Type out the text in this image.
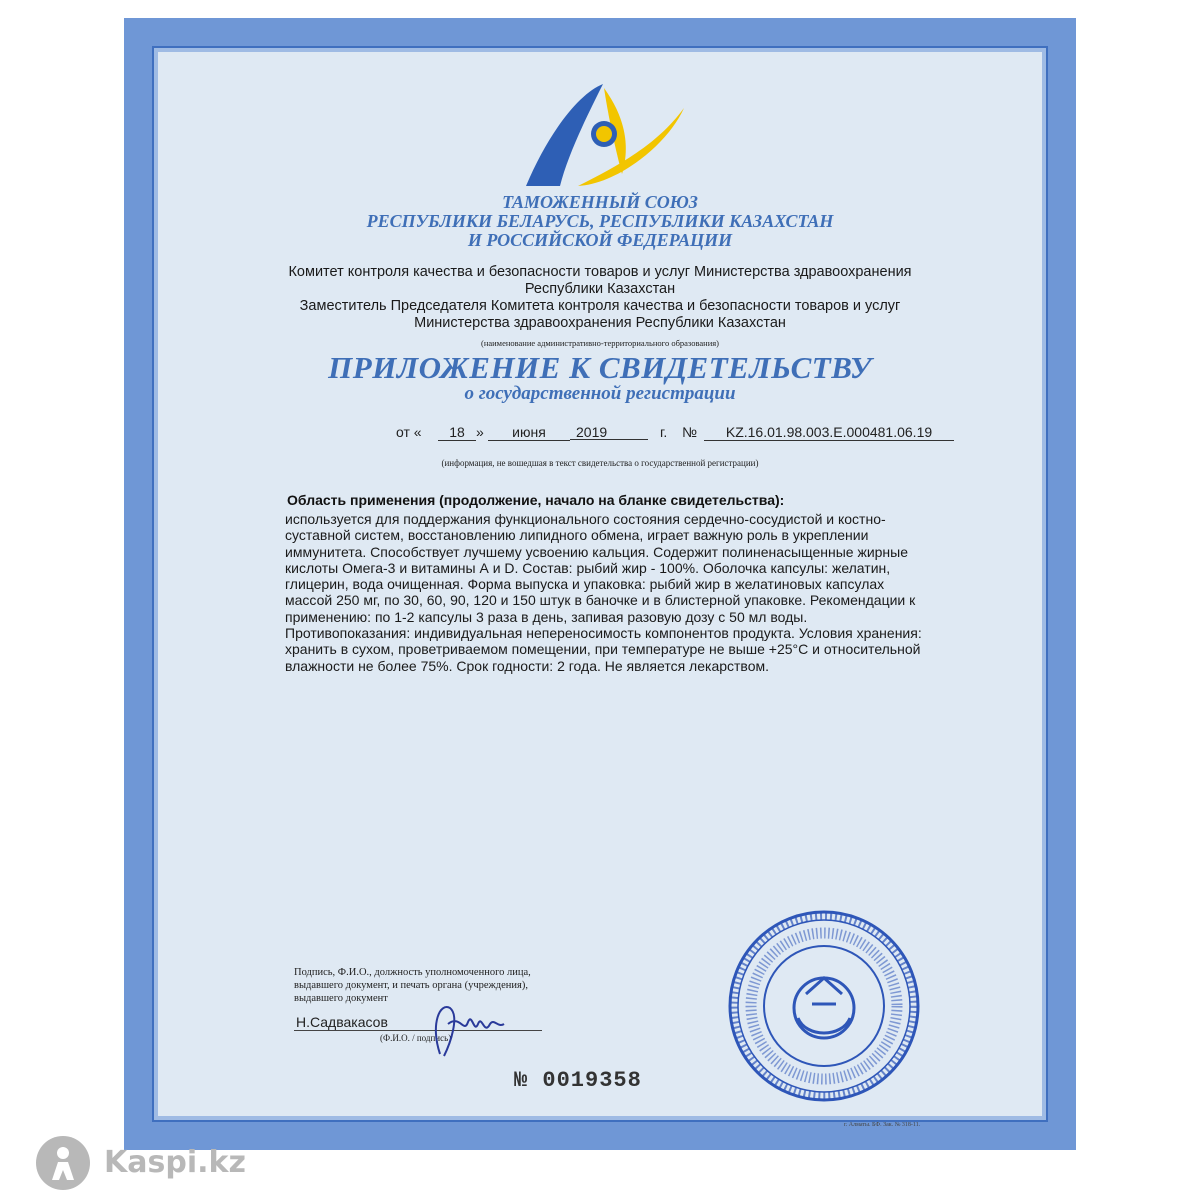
ТАМОЖЕННЫЙ СОЮЗ
РЕСПУБЛИКИ БЕЛАРУСЬ, РЕСПУБЛИКИ КАЗАХСТАН
И РОССИЙСКОЙ ФЕДЕРАЦИИ
Комитет контроля качества и безопасности товаров и услуг Министерства здравоохранения
Республики Казахстан
Заместитель Председателя Комитета контроля качества и безопасности товаров и услуг
Министерства здравоохранения Республики Казахстан
(наименование административно-территориального образования)
ПРИЛОЖЕНИЕ К СВИДЕТЕЛЬСТВУ
о государственной регистрации
от «	18 »	июня	2019	г. №	KZ.16.01.98.003.E.000481.06.19
(информация, не вошедшая в текст свидетельства о государственной регистрации)
Область применения (продолжение, начало на бланке свидетельства):
используется для поддержания функционального состояния сердечно-сосудистой и костно-
суставной систем, восстановлению липидного обмена, играет важную роль в укреплении
иммунитета. Способствует лучшему усвоению кальция. Содержит полиненасыщенные жирные
кислоты Омега-3 и витамины А и D. Состав: рыбий жир - 100%. Оболочка капсулы: желатин,
глицерин, вода очищенная. Форма выпуска и упаковка: рыбий жир в желатиновых капсулах
массой 250 мг, по 30, 60, 90, 120 и 150 штук в баночке и в блистерной упаковке. Рекомендации к
применению: по 1-2 капсулы 3 раза в день, запивая разовую дозу с 50 мл воды.
Противопоказания: индивидуальная непереносимость компонентов продукта. Условия хранения:
хранить в сухом, проветриваемом помещении, при температуре не выше +25°С и относительной
влажности не более 75%. Срок годности: 2 года. Не является лекарством.
Подпись, Ф.И.О., должность уполномоченного лица,
выдавшего документ, и печать органа (учреждения),
выдавшего документ
Н.Садвакасов
(Ф.И.О. / подпись)
№ 0019358
г. Алматы. БФ. Зак. № 318-11.
Kaspi.kz
